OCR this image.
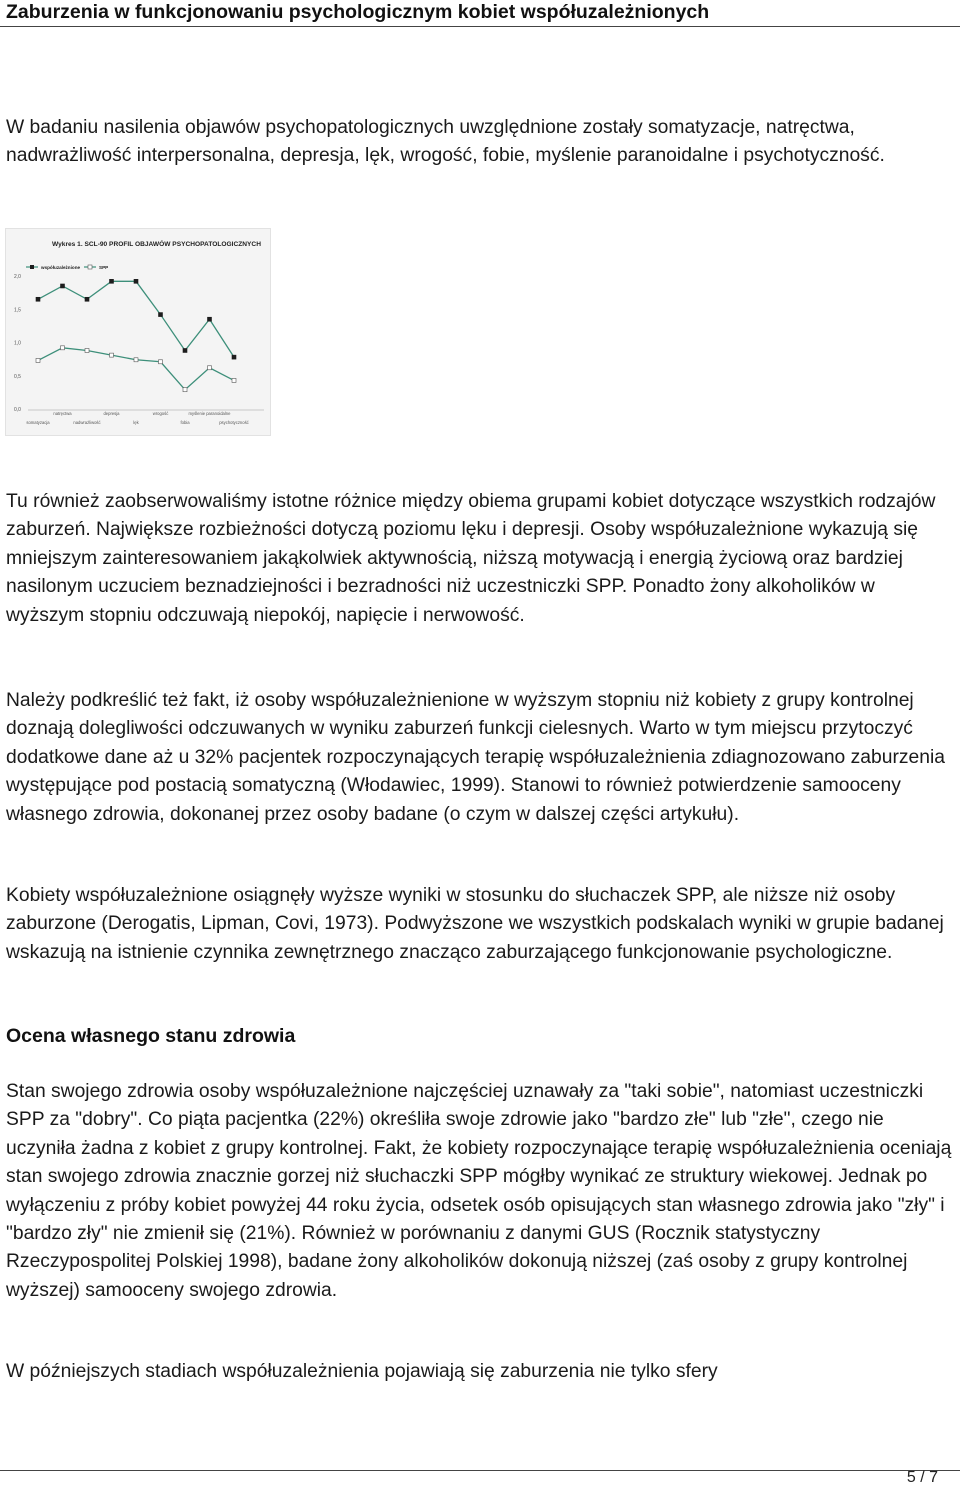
Zaburzenia w funkcjonowaniu psychologicznym kobiet współuzależnionych

W badaniu nasilenia objawów psychopatologicznych uwzględnione zostały somatyzacje, natręctwa, nadwrażliwość interpersonalna, depresja, lęk, wrogość, fobie, myślenie paranoidalne i psychotyczność.

Wykres 1. SCL-90 PROFIL OBJAWÓW PSYCHOPATOLOGICZNYCH
współuzależnione	SPP
0,0
0,5
1,0
1,5
2,0
somatyzacja
natręctwa
nadwrażliwość
depresja
lęk
wrogość
fobia
myślenie paranoidalne
psychotyczność

Tu również zaobserwowaliśmy istotne różnice między obiema grupami kobiet dotyczące wszystkich rodzajów zaburzeń. Największe rozbieżności dotyczą poziomu lęku i depresji. Osoby współuzależnione wykazują się mniejszym zainteresowaniem jakąkolwiek aktywnością, niższą motywacją i energią życiową oraz bardziej nasilonym uczuciem beznadziejności i bezradności niż uczestniczki SPP. Ponadto żony alkoholików w wyższym stopniu odczuwają niepokój, napięcie i nerwowość.

Należy podkreślić też fakt, iż osoby współuzależnienione w wyższym stopniu niż kobiety z grupy kontrolnej doznają dolegliwości odczuwanych w wyniku zaburzeń funkcji cielesnych. Warto w tym miejscu przytoczyć dodatkowe dane aż u 32% pacjentek rozpoczynających terapię współuzależnienia zdiagnozowano zaburzenia występujące pod postacią somatyczną (Włodawiec, 1999). Stanowi to również potwierdzenie samooceny własnego zdrowia, dokonanej przez osoby badane (o czym w dalszej części artykułu).

Kobiety współuzależnione osiągnęły wyższe wyniki w stosunku do słuchaczek SPP, ale niższe niż osoby zaburzone (Derogatis, Lipman, Covi, 1973). Podwyższone we wszystkich podskalach wyniki w grupie badanej wskazują na istnienie czynnika zewnętrznego znacząco zaburzającego funkcjonowanie psychologiczne.

Ocena własnego stanu zdrowia

Stan swojego zdrowia osoby współuzależnione najczęściej uznawały za "taki sobie", natomiast uczestniczki SPP za "dobry". Co piąta pacjentka (22%) określiła swoje zdrowie jako "bardzo złe" lub "złe", czego nie uczyniła żadna z kobiet z grupy kontrolnej. Fakt, że kobiety rozpoczynające terapię współuzależnienia oceniają stan swojego zdrowia znacznie gorzej niż słuchaczki SPP mógłby wynikać ze struktury wiekowej. Jednak po wyłączeniu z próby kobiet powyżej 44 roku życia, odsetek osób opisujących stan własnego zdrowia jako "zły" i "bardzo zły" nie zmienił się (21%). Również w porównaniu z danymi GUS (Rocznik statystyczny Rzeczypospolitej Polskiej 1998), badane żony alkoholików dokonują niższej (zaś osoby z grupy kontrolnej wyższej) samooceny swojego zdrowia.

W późniejszych stadiach współuzależnienia pojawiają się zaburzenia nie tylko sfery

5 / 7
